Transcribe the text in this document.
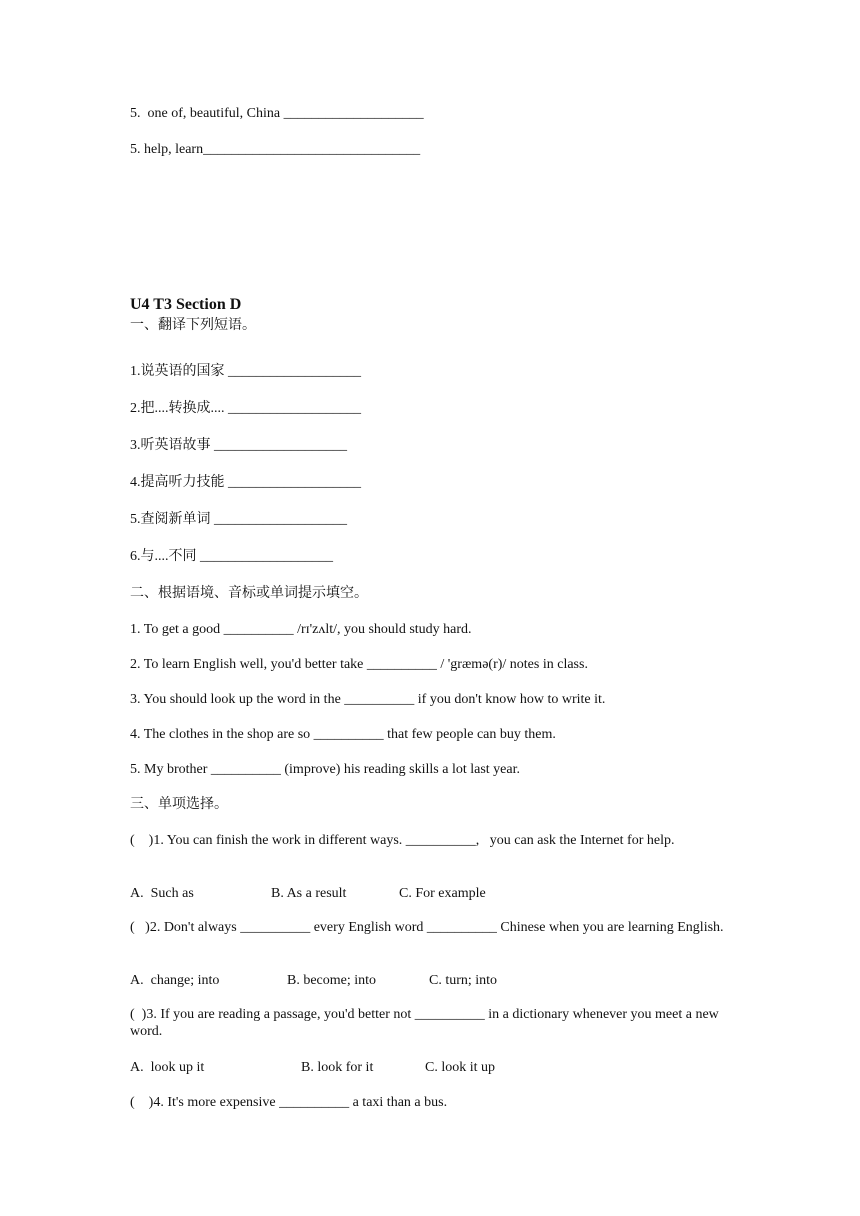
5.  one of, beautiful, China ____________________
5. help, learn_______________________________
U4 T3 Section D
一、翻译下列短语。
1.说英语的国家 ___________________
2.把....转换成.... ___________________
3.听英语故事 ___________________
4.提高听力技能 ___________________
5.查阅新单词 ___________________
6.与....不同 ___________________
二、根据语境、音标或单词提示填空。
1. To get a good __________ /rɪ'zʌlt/, you should study hard.
2. To learn English well, you'd better take __________ / 'græmə(r)/ notes in class.
3. You should look up the word in the __________ if you don't know how to write it.
4. The clothes in the shop are so __________ that few people can buy them.
5. My brother __________ (improve) his reading skills a lot last year.
三、单项选择。
(    )1. You can finish the work in different ways. __________,   you can ask the Internet for help.
A.  Such as	B. As a result	C. For example
(   )2. Don't always __________ every English word __________ Chinese when you are learning English.
A.  change; into	B. become; into	C. turn; into
(  )3. If you are reading a passage, you'd better not __________ in a dictionary whenever you meet a new word.
A.  look up it	B. look for it	C. look it up
(    )4. It's more expensive __________ a taxi than a bus.
